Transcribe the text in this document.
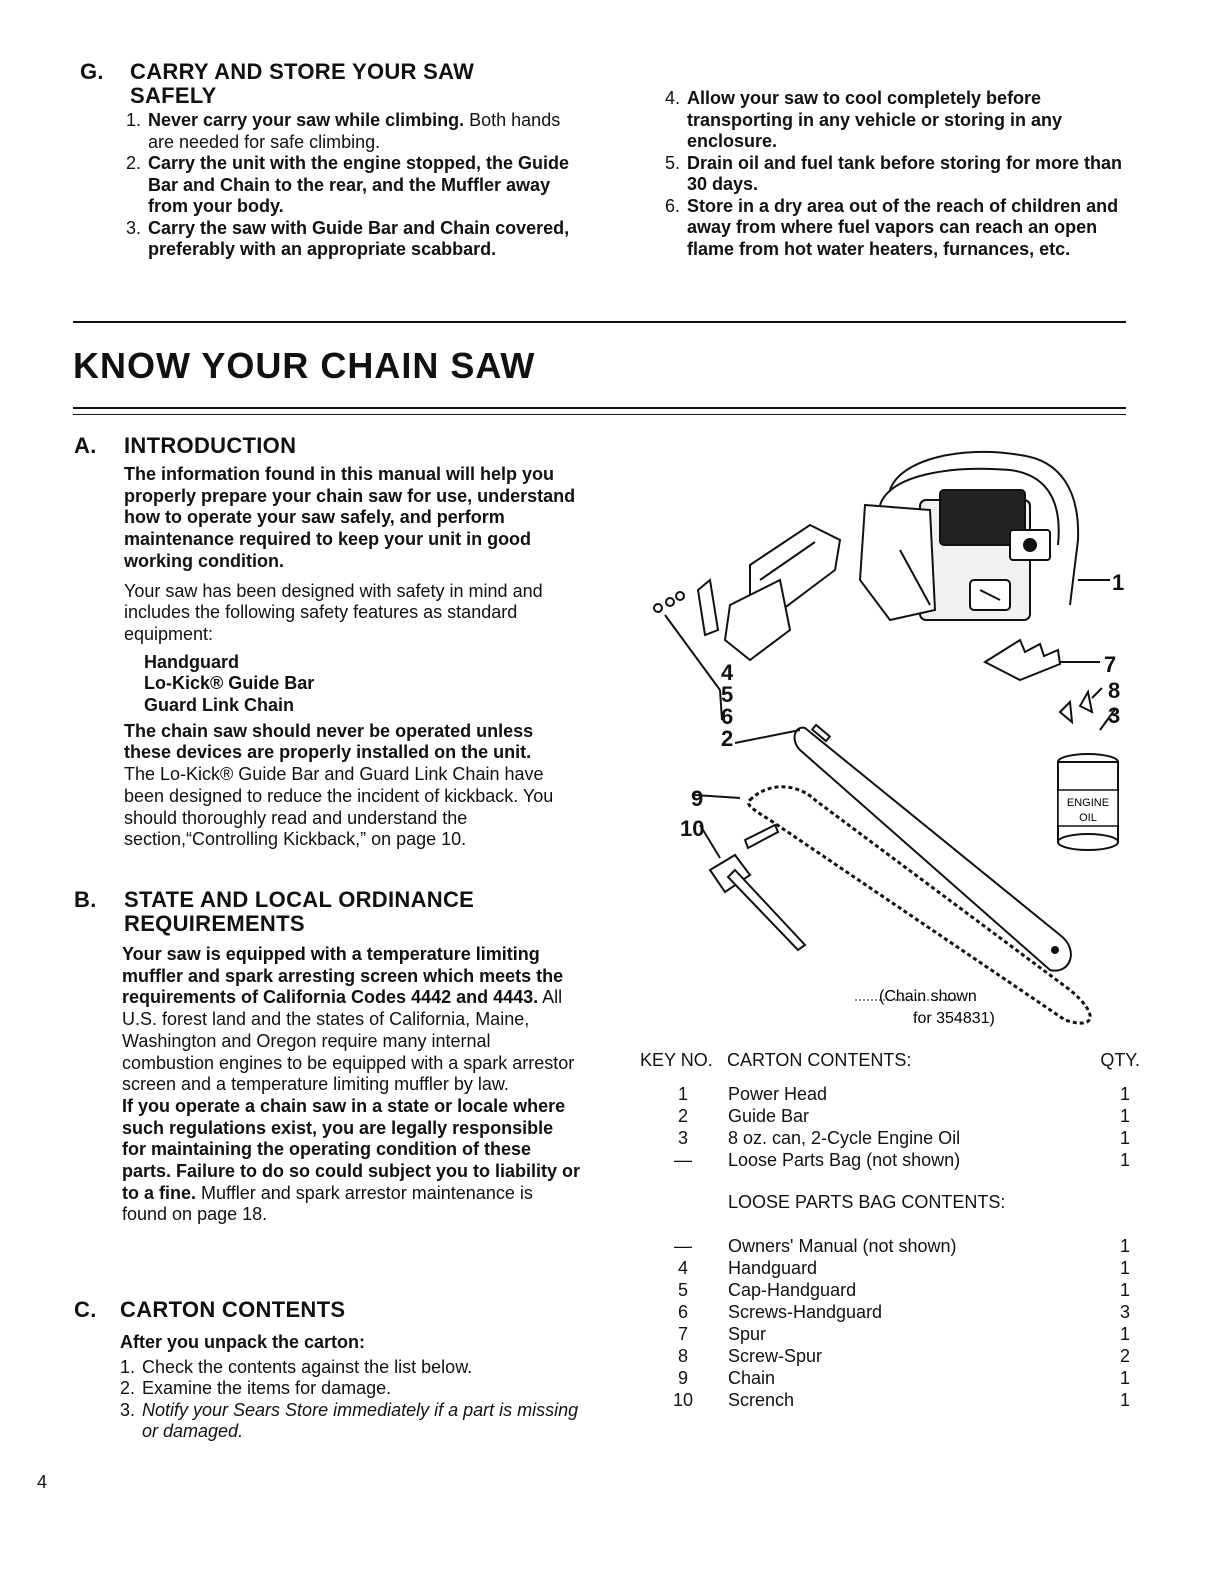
G. CARRY AND STORE YOUR SAW
SAFELY
1. Never carry your saw while climbing. Both hands are needed for safe climbing.
2. Carry the unit with the engine stopped, the Guide Bar and Chain to the rear, and the Muffler away from your body.
3. Carry the saw with Guide Bar and Chain covered, preferably with an appropriate scabbard.
4. Allow your saw to cool completely before transporting in any vehicle or storing in any enclosure.
5. Drain oil and fuel tank before storing for more than 30 days.
6. Store in a dry area out of the reach of children and away from where fuel vapors can reach an open flame from hot water heaters, furnances, etc.
KNOW YOUR CHAIN SAW
A. INTRODUCTION

The information found in this manual will help you properly prepare your chain saw for use, understand how to operate your saw safely, and perform maintenance required to keep your unit in good working condition.

Your saw has been designed with safety in mind and includes the following safety features as standard equipment:

Handguard
Lo-Kick® Guide Bar
Guard Link Chain

The chain saw should never be operated unless these devices are properly installed on the unit.

The Lo-Kick® Guide Bar and Guard Link Chain have been designed to reduce the incident of kickback. You should thoroughly read and understand the section,“Controlling Kickback,” on page 10.

B. STATE AND LOCAL ORDINANCE
REQUIREMENTS

Your saw is equipped with a temperature limiting muffler and spark arresting screen which meets the requirements of California Codes 4442 and 4443. All U.S. forest land and the states of California, Maine, Washington and Oregon require many internal combustion engines to be equipped with a spark arrestor screen and a temperature limiting muffler by law.

If you operate a chain saw in a state or locale where such regulations exist, you are legally responsible for maintaining the operating condition of these parts. Failure to do so could subject you to liability or to a fine. Muffler and spark arrestor maintenance is found on page 18.

C. CARTON CONTENTS

After you unpack the carton:

1. Check the contents against the list below.
2. Examine the items for damage.
3. Notify your Sears Store immediately if a part is missing or damaged.
ENGINE
OIL
(Chain shown
for 354831)
1
7
8
3
4
5
6
2
9
10
KEY NO. CARTON CONTENTS:	QTY.
1	Power Head	1
2	Guide Bar	1
3	8 oz. can, 2-Cycle Engine Oil	1
—	Loose Parts Bag (not shown)	1
LOOSE PARTS BAG CONTENTS:
—	Owners' Manual (not shown)	1
4	Handguard	1
5	Cap-Handguard	1
6	Screws-Handguard	3
7	Spur	1
8	Screw-Spur	2
9	Chain	1
10	Scrench	1
4
